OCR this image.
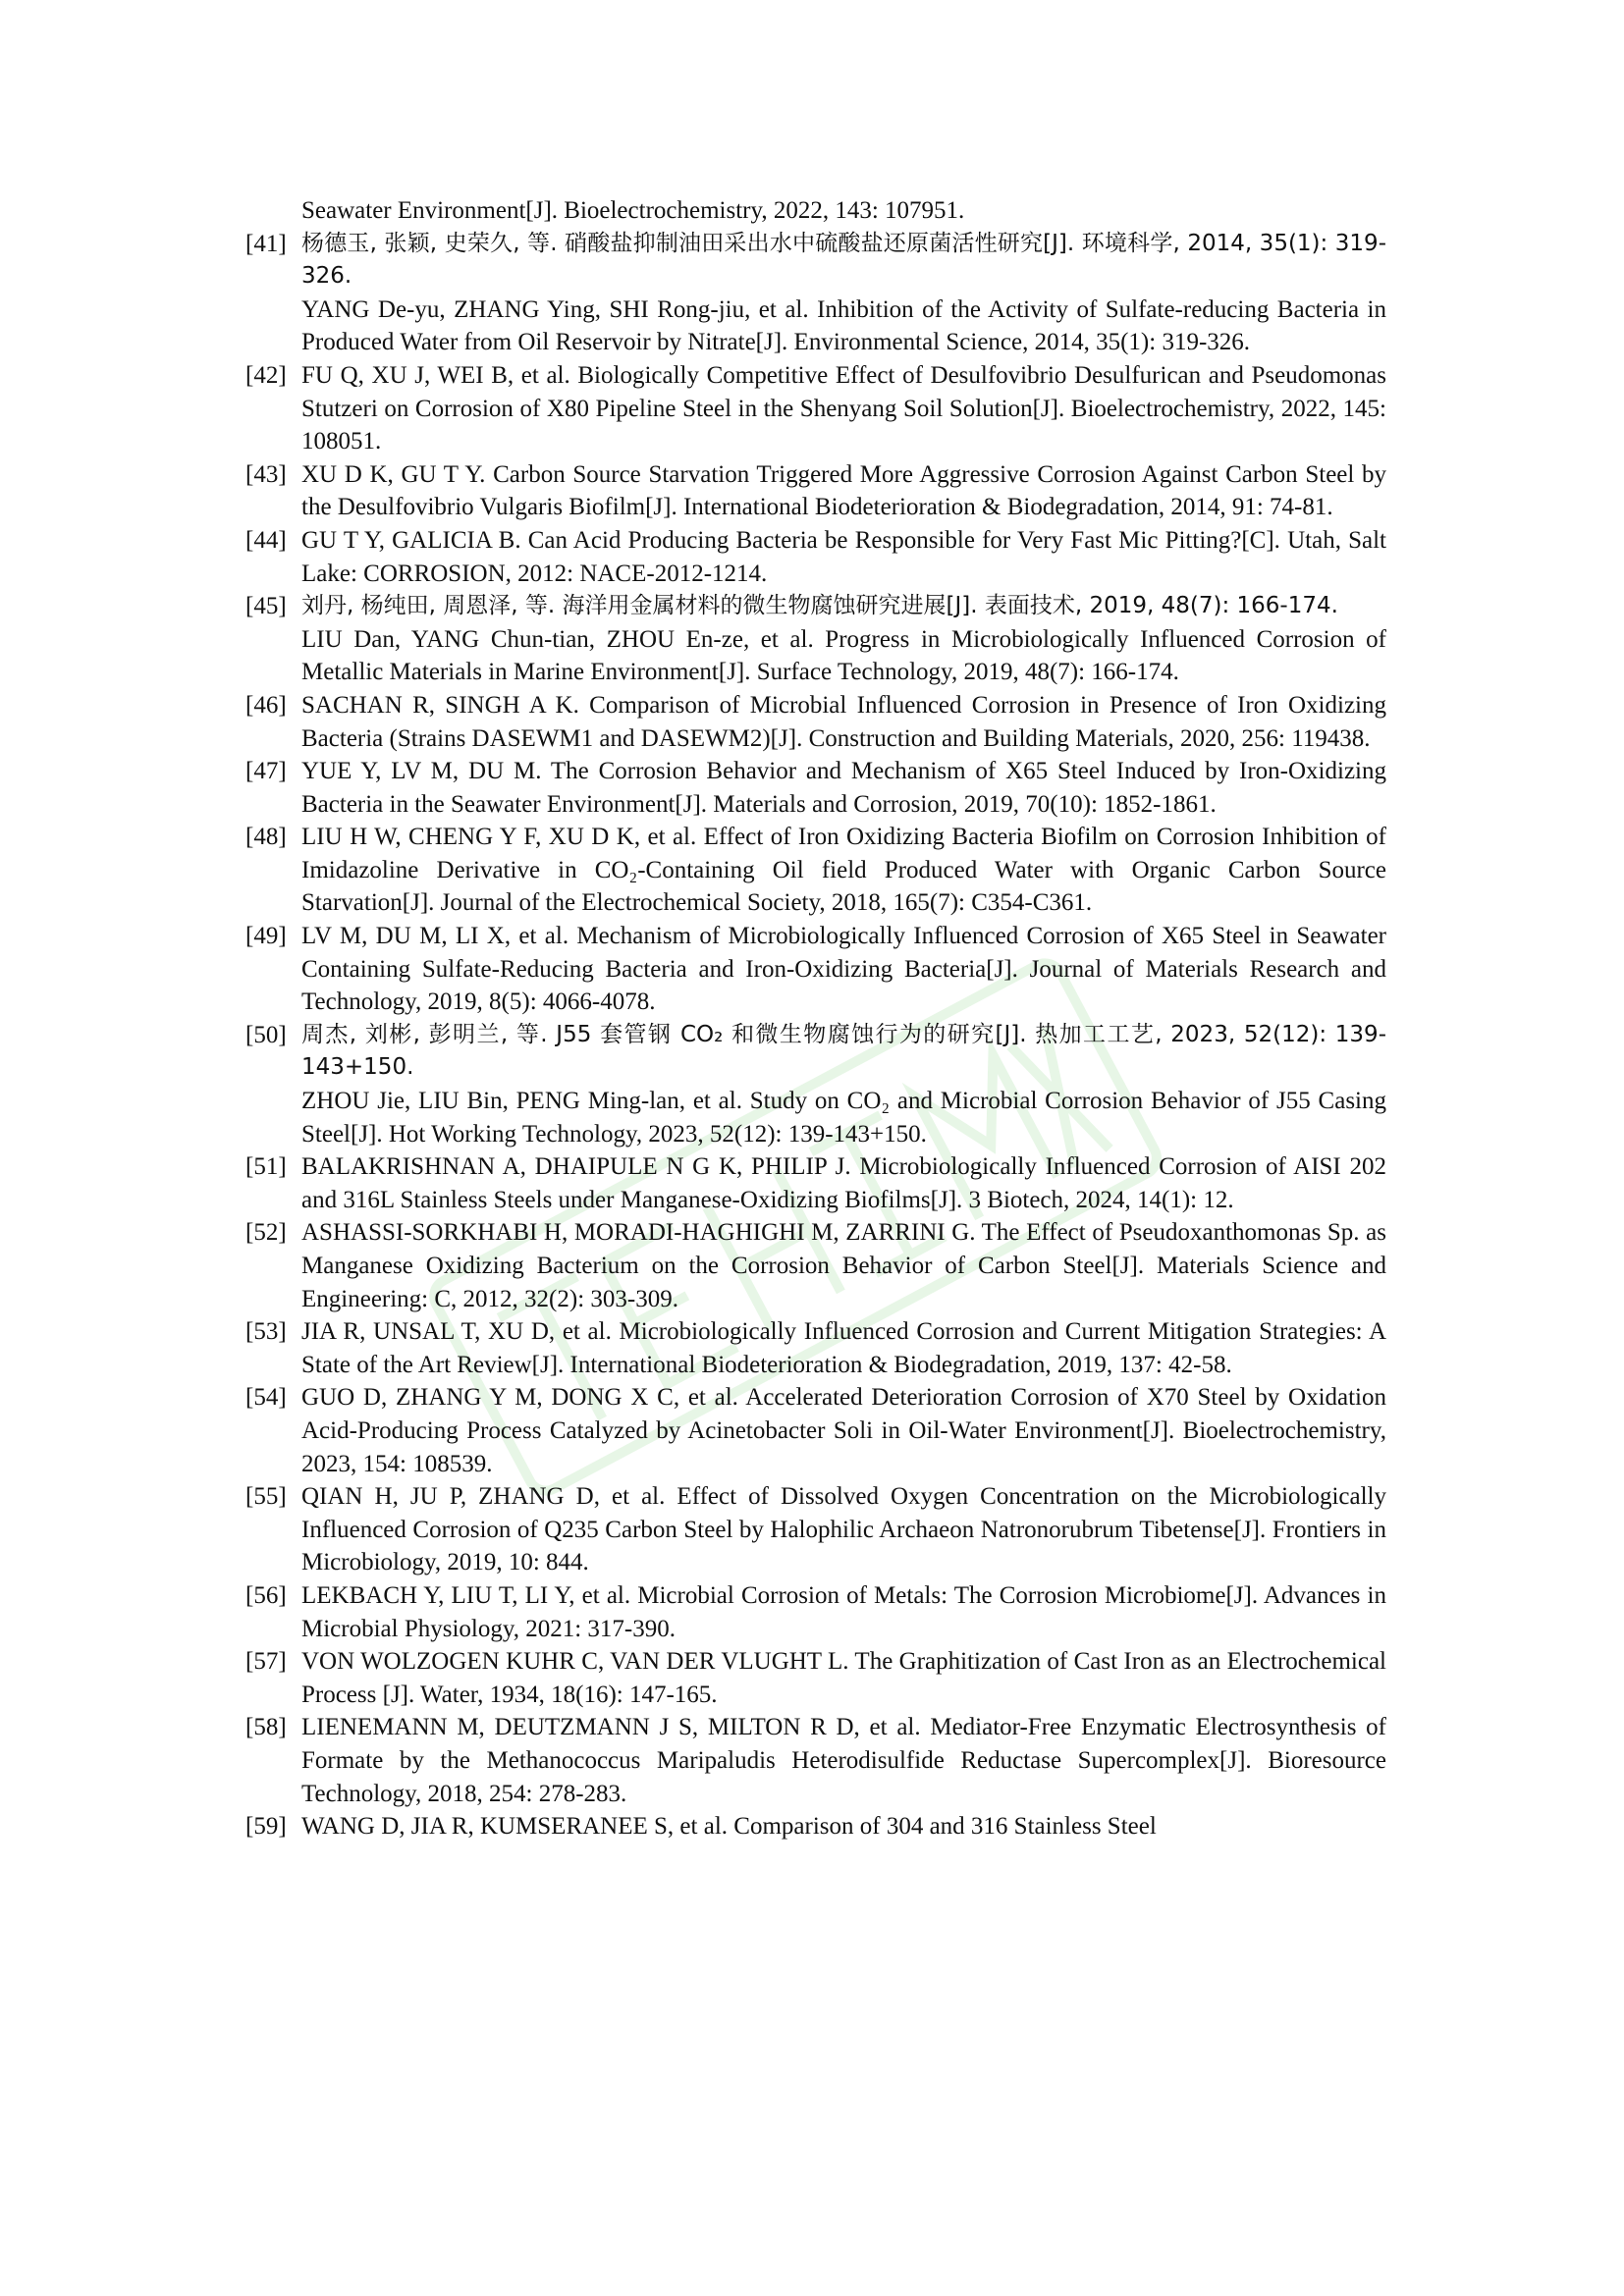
Seawater Environment[J]. Bioelectrochemistry, 2022, 143: 107951.

[41] 杨德玉, 张颖, 史荣久, 等. 硝酸盐抑制油田采出水中硫酸盐还原菌活性研究[J]. 环境科学, 2014, 35(1): 319-326.

YANG De-yu, ZHANG Ying, SHI Rong-jiu, et al. Inhibition of the Activity of Sulfate-reducing Bacteria in Produced Water from Oil Reservoir by Nitrate[J]. Environmental Science, 2014, 35(1): 319-326.

[42] FU Q, XU J, WEI B, et al. Biologically Competitive Effect of Desulfovibrio Desulfurican and Pseudomonas Stutzeri on Corrosion of X80 Pipeline Steel in the Shenyang Soil Solution[J]. Bioelectrochemistry, 2022, 145: 108051.

[43] XU D K, GU T Y. Carbon Source Starvation Triggered More Aggressive Corrosion Against Carbon Steel by the Desulfovibrio Vulgaris Biofilm[J]. International Biodeterioration & Biodegradation, 2014, 91: 74-81.

[44] GU T Y, GALICIA B. Can Acid Producing Bacteria be Responsible for Very Fast Mic Pitting?[C]. Utah, Salt Lake: CORROSION, 2012: NACE-2012-1214.

[45] 刘丹, 杨纯田, 周恩泽, 等. 海洋用金属材料的微生物腐蚀研究进展[J]. 表面技术, 2019, 48(7): 166-174.

LIU Dan, YANG Chun-tian, ZHOU En-ze, et al. Progress in Microbiologically Influenced Corrosion of Metallic Materials in Marine Environment[J]. Surface Technology, 2019, 48(7): 166-174.

[46] SACHAN R, SINGH A K. Comparison of Microbial Influenced Corrosion in Presence of Iron Oxidizing Bacteria (Strains DASEWM1 and DASEWM2)[J]. Construction and Building Materials, 2020, 256: 119438.

[47] YUE Y, LV M, DU M. The Corrosion Behavior and Mechanism of X65 Steel Induced by Iron-Oxidizing Bacteria in the Seawater Environment[J]. Materials and Corrosion, 2019, 70(10): 1852-1861.

[48] LIU H W, CHENG Y F, XU D K, et al. Effect of Iron Oxidizing Bacteria Biofilm on Corrosion Inhibition of Imidazoline Derivative in CO₂-Containing Oil field Produced Water with Organic Carbon Source Starvation[J]. Journal of the Electrochemical Society, 2018, 165(7): C354-C361.

[49] LV M, DU M, LI X, et al. Mechanism of Microbiologically Influenced Corrosion of X65 Steel in Seawater Containing Sulfate-Reducing Bacteria and Iron-Oxidizing Bacteria[J]. Journal of Materials Research and Technology, 2019, 8(5): 4066-4078.

[50] 周杰, 刘彬, 彭明兰, 等. J55 套管钢 CO₂ 和微生物腐蚀行为的研究[J]. 热加工工艺, 2023, 52(12): 139-143+150.

ZHOU Jie, LIU Bin, PENG Ming-lan, et al. Study on CO₂ and Microbial Corrosion Behavior of J55 Casing Steel[J]. Hot Working Technology, 2023, 52(12): 139-143+150.

[51] BALAKRISHNAN A, DHAIPULE N G K, PHILIP J. Microbiologically Influenced Corrosion of AISI 202 and 316L Stainless Steels under Manganese-Oxidizing Biofilms[J]. 3 Biotech, 2024, 14(1): 12.

[52] ASHASSI-SORKHABI H, MORADI-HAGHIGHI M, ZARRINI G. The Effect of Pseudoxanthomonas Sp. as Manganese Oxidizing Bacterium on the Corrosion Behavior of Carbon Steel[J]. Materials Science and Engineering: C, 2012, 32(2): 303-309.

[53] JIA R, UNSAL T, XU D, et al. Microbiologically Influenced Corrosion and Current Mitigation Strategies: A State of the Art Review[J]. International Biodeterioration & Biodegradation, 2019, 137: 42-58.

[54] GUO D, ZHANG Y M, DONG X C, et al. Accelerated Deterioration Corrosion of X70 Steel by Oxidation Acid-Producing Process Catalyzed by Acinetobacter Soli in Oil-Water Environment[J]. Bioelectrochemistry, 2023, 154: 108539.

[55] QIAN H, JU P, ZHANG D, et al. Effect of Dissolved Oxygen Concentration on the Microbiologically Influenced Corrosion of Q235 Carbon Steel by Halophilic Archaeon Natronorubrum Tibetense[J]. Frontiers in Microbiology, 2019, 10: 844.

[56] LEKBACH Y, LIU T, LI Y, et al. Microbial Corrosion of Metals: The Corrosion Microbiome[J]. Advances in Microbial Physiology, 2021: 317-390.

[57] VON WOLZOGEN KUHR C, VAN DER VLUGHT L. The Graphitization of Cast Iron as an Electrochemical Process [J]. Water, 1934, 18(16): 147-165.

[58] LIENEMANN M, DEUTZMANN J S, MILTON R D, et al. Mediator-Free Enzymatic Electrosynthesis of Formate by the Methanococcus Maripaludis Heterodisulfide Reductase Supercomplex[J]. Bioresource Technology, 2018, 254: 278-283.

[59] WANG D, JIA R, KUMSERANEE S, et al. Comparison of 304 and 316 Stainless Steel
